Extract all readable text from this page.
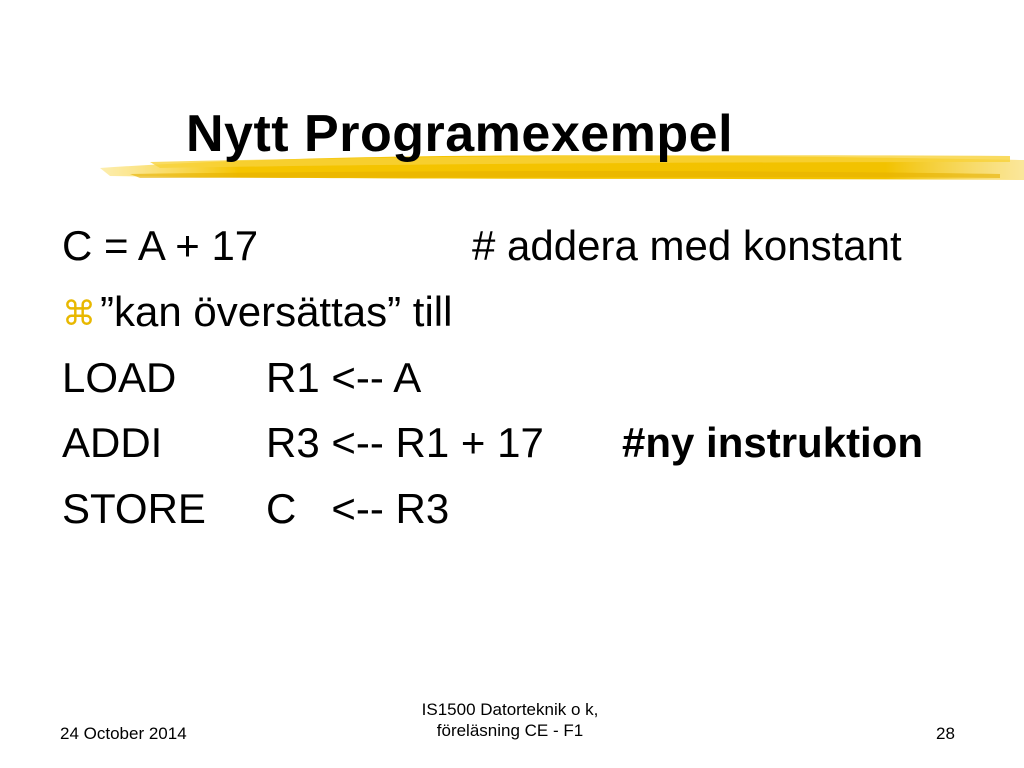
Nytt Programexempel
C = A + 17	# addera med konstant
⌘ ”kan översättas” till
LOAD R1 <-- A
ADDI R3 <-- R1 + 17 #ny instruktion
STORE C   <-- R3
24 October 2014
IS1500 Datorteknik o k,
föreläsning CE - F1	28
